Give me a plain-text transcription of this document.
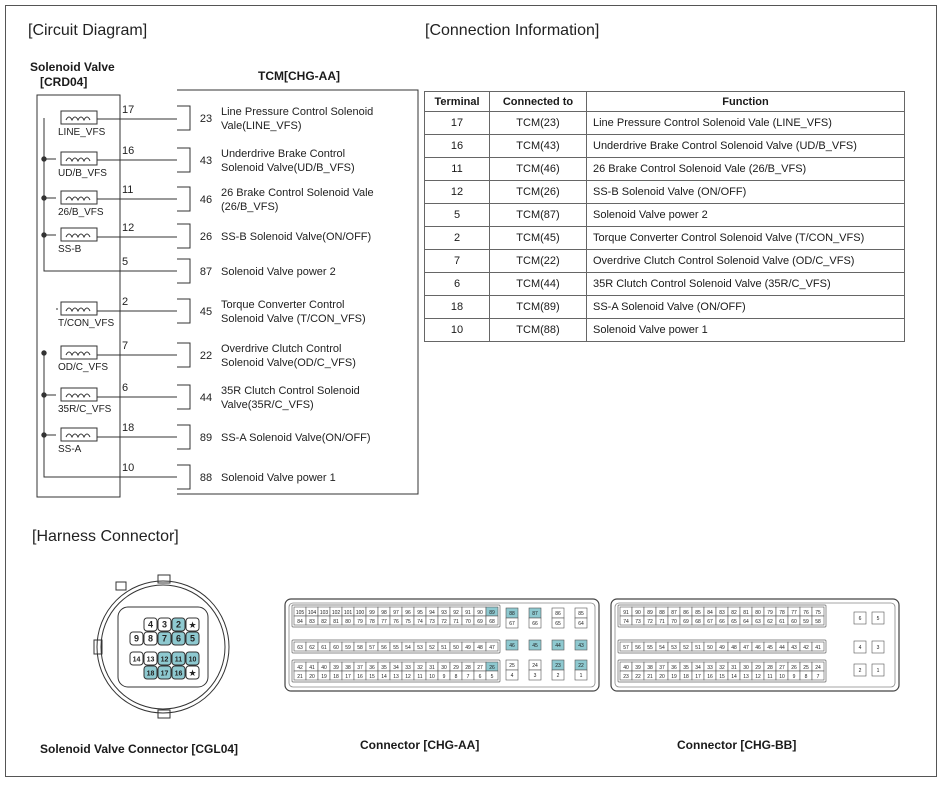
[Circuit Diagram]	[Connection Information]
[Harness Connector]
Solenoid Valve
[CRD04]	TCM[CHG-AA]
17
LINE_VFS
23
Line Pressure Control Solenoid
Vale(LINE_VFS)
16
UD/B_VFS
43
Underdrive Brake Control
Solenoid Valve(UD/B_VFS)
11
26/B_VFS
46
26 Brake Control Solenoid Vale
(26/B_VFS)
12
SS-B
26 SS-B Solenoid Valve(ON/OFF)
5
87 Solenoid Valve power 2
2
T/CON_VFS
45
Torque Converter Control
Solenoid Valve (T/CON_VFS)
7
OD/C_VFS
22
Overdrive Clutch Control
Solenoid Valve(OD/C_VFS)
6
35R/C_VFS
44
35R Clutch Control Solenoid
Valve(35R/C_VFS)
18
SS-A
89 SS-A Solenoid Valve(ON/OFF)
10
88 Solenoid Valve power 1
Terminal	Connected to	Function
17	TCM(23)	Line Pressure Control Solenoid Vale (LINE_VFS)
16	TCM(43)	Underdrive Brake Control Solenoid Valve (UD/B_VFS)
11	TCM(46)	26 Brake Control Solenoid Vale (26/B_VFS)
12	TCM(26)	SS-B Solenoid Valve (ON/OFF)
5	TCM(87)	Solenoid Valve power 2
2	TCM(45)	Torque Converter Control Solenoid Valve (T/CON_VFS)
7	TCM(22)	Overdrive Clutch Control Solenoid Valve (OD/C_VFS)
6	TCM(44)	35R Clutch Control Solenoid Valve (35R/C_VFS)
18	TCM(89)	SS-A Solenoid Valve (ON/OFF)
10	TCM(88)	Solenoid Valve power 1
4 3 2 ★
9 8 7 6 5
14 13 12 11 10
18 17 16 ★
105 104 103 102 101 100 99 98 97 96 95 94 93 92 91 90 89
84 83 82 81 80 79 78 77 76 75 74 73 72 71 70 69 68
63 62 61 60 59 58 57 56 55 54 53 52 51 50 49 48 47
42 41 40 39 38 37 36 35 34 33 32 31 30 29 28 27 26
21 20 19 18 17 16 15 14 13 12 11 10 9 8 7 6 5
88	87	86	85
67	66	65	64
46	45	44	43
25	24	23	22
4	3	2	1
91 90 89 88 87 86 85 84 83 82 81 80 79 78 77 76 75
74 73 72 71 70 69 68 67 66 65 64 63 62 61 60 59 58
57 56 55 54 53 52 51 50 49 48 47 46 45 44 43 42 41
40 39 38 37 36 35 34 33 32 31 30 29 28 27 26 25 24
23 22 21 20 19 18 17 16 15 14 13 12 11 10 9 8 7
6	5
4	3
2	1
Solenoid Valve Connector [CGL04]	Connector [CHG-AA]	Connector [CHG-BB]
